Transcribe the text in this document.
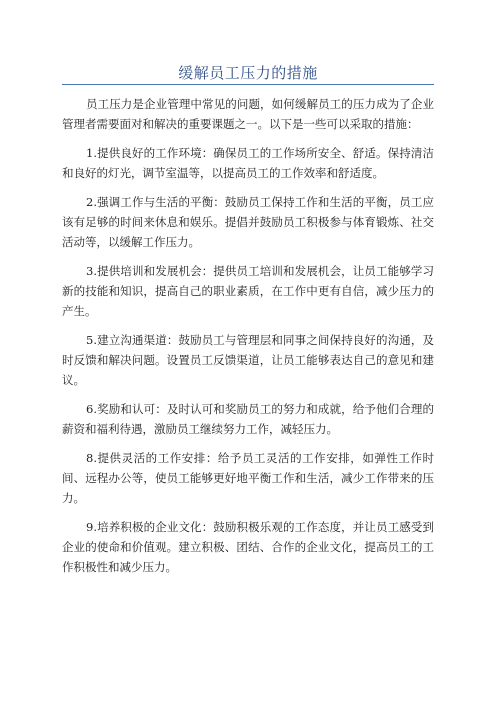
缓解员工压力的措施

员工压力是企业管理中常见的问题，如何缓解员工的压力成为了企业管理者需要面对和解决的重要课题之一。以下是一些可以采取的措施：

1.提供良好的工作环境：确保员工的工作场所安全、舒适。保持清洁和良好的灯光，调节室温等，以提高员工的工作效率和舒适度。

2.强调工作与生活的平衡：鼓励员工保持工作和生活的平衡，员工应该有足够的时间来休息和娱乐。提倡并鼓励员工积极参与体育锻炼、社交活动等，以缓解工作压力。

3.提供培训和发展机会：提供员工培训和发展机会，让员工能够学习新的技能和知识，提高自己的职业素质，在工作中更有自信，减少压力的产生。

5.建立沟通渠道：鼓励员工与管理层和同事之间保持良好的沟通，及时反馈和解决问题。设置员工反馈渠道，让员工能够表达自己的意见和建议。

6.奖励和认可：及时认可和奖励员工的努力和成就，给予他们合理的薪资和福利待遇，激励员工继续努力工作，减轻压力。

8.提供灵活的工作安排：给予员工灵活的工作安排，如弹性工作时间、远程办公等，使员工能够更好地平衡工作和生活，减少工作带来的压力。

9.培养积极的企业文化：鼓励积极乐观的工作态度，并让员工感受到企业的使命和价值观。建立积极、团结、合作的企业文化，提高员工的工作积极性和减少压力。
